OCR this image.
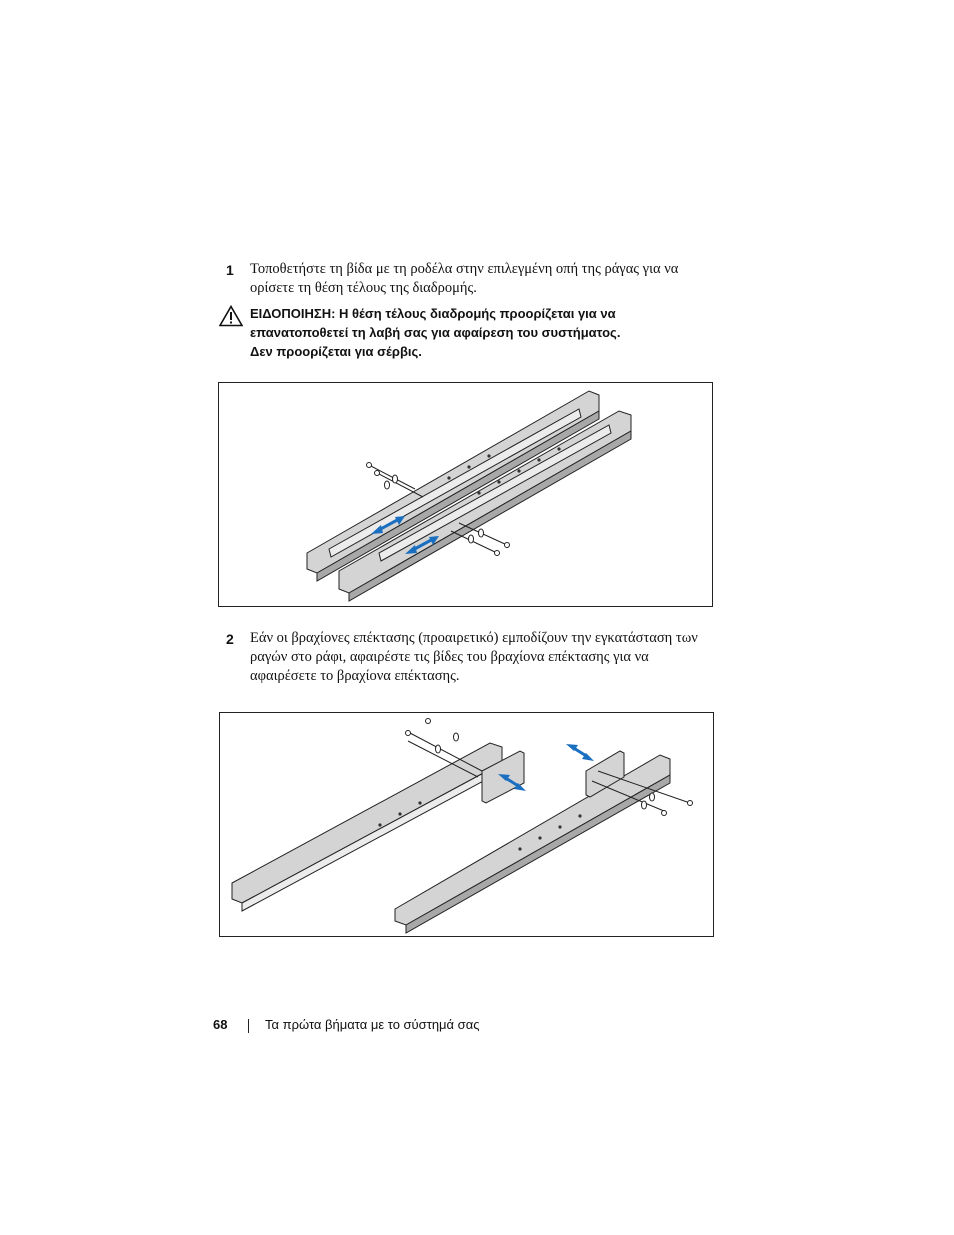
1 Τοποθετήστε τη βίδα με τη ροδέλα στην επιλεγμένη οπή της ράγας για να
ορίσετε τη θέση τέλους της διαδρομής.
ΕΙΔΟΠΟΙΗΣΗ: Η θέση τέλους διαδρομής προορίζεται για να
επανατοποθετεί τη λαβή σας για αφαίρεση του συστήματος.
Δεν προορίζεται για σέρβις.
2 Εάν οι βραχίονες επέκτασης (προαιρετικό) εμποδίζουν την εγκατάσταση των
ραγών στο ράφι, αφαιρέστε τις βίδες του βραχίονα επέκτασης για να
αφαιρέσετε το βραχίονα επέκτασης.
68	Τα πρώτα βήματα με το σύστημά σας
